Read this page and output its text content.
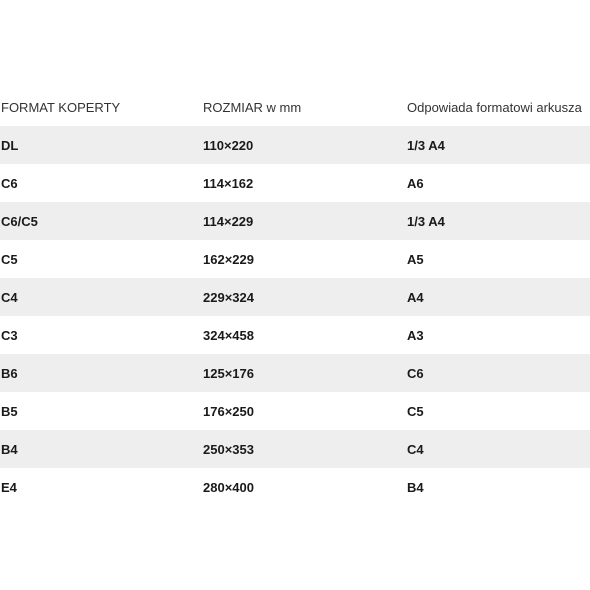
FORMAT KOPERTY	ROZMIAR w mm	Odpowiada formatowi arkusza
DL	110×220	1/3 A4
C6	114×162	A6
C6/C5	114×229	1/3 A4
C5	162×229	A5
C4	229×324	A4
C3	324×458	A3
B6	125×176	C6
B5	176×250	C5
B4	250×353	C4
E4	280×400	B4
